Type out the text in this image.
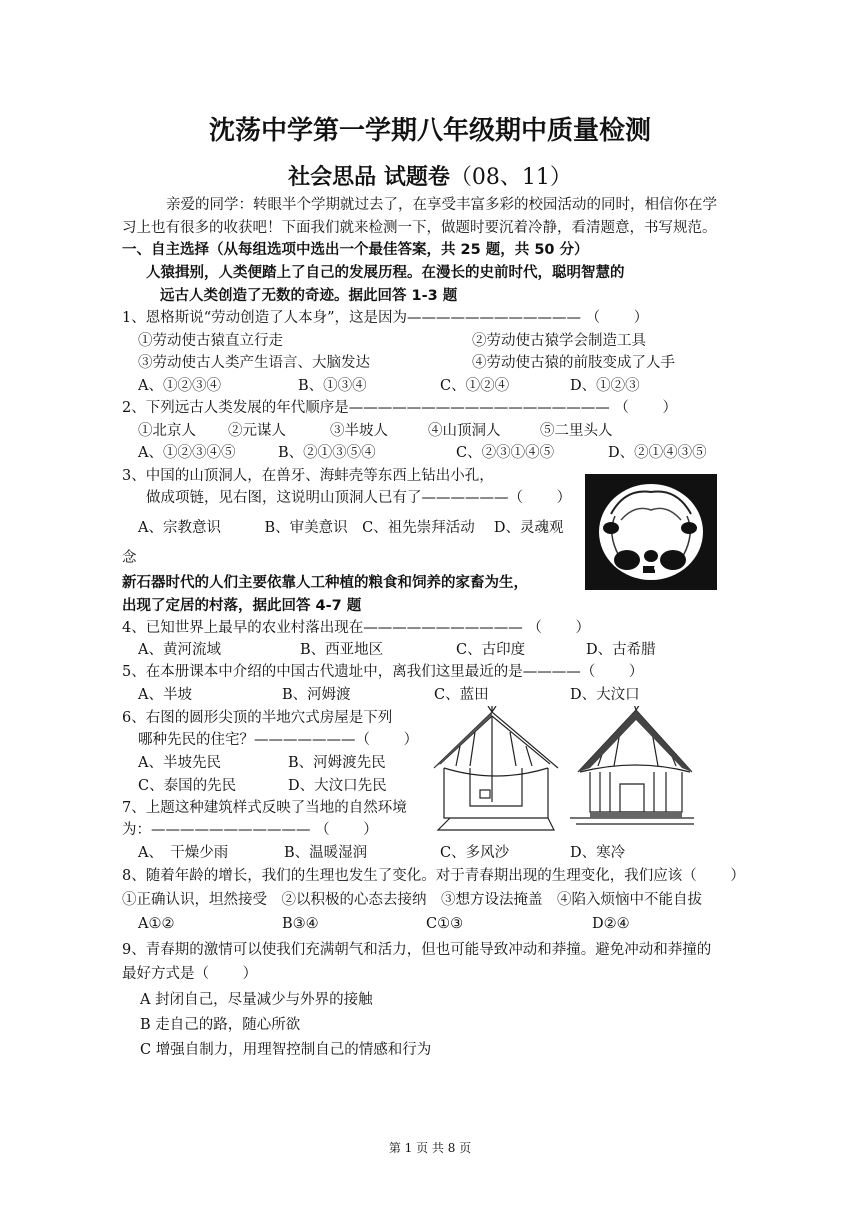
沈荡中学第一学期八年级期中质量检测
社会思品 试题卷（08、11）
亲爱的同学：转眼半个学期就过去了，在享受丰富多彩的校园活动的同时，相信你在学
习上也有很多的收获吧！下面我们就来检测一下，做题时要沉着冷静，看清题意，书写规范。
一、自主选择（从每组选项中选出一个最佳答案，共 25 题，共 50 分）
人猿揖别，人类便踏上了自己的发展历程。在漫长的史前时代，聪明智慧的
远古人类创造了无数的奇迹。据此回答 1-3 题
1、恩格斯说“劳动创造了人本身”，这是因为———————————— （　　 ）
①劳动使古猿直立行走	②劳动使古猿学会制造工具
③劳动使古人类产生语言、大脑发达	④劳动使古猿的前肢变成了人手
A、①②③④	B、①③④	C、①②④	D、①②③
2、下列远古人类发展的年代顺序是—————————————————— （　　 ）
①北京人 ②元谋人	③半坡人	④山顶洞人	⑤二里头人
A、①②③④⑤	B、②①③⑤④	C、②③①④⑤	D、②①④③⑤
3、中国的山顶洞人，在兽牙、海蚌壳等东西上钻出小孔，
做成项链，见右图，这说明山顶洞人已有了——————（　　 ）
A、宗教意识　　　B、审美意识　C、祖先崇拜活动　 D、灵魂观
念
新石器时代的人们主要依靠人工种植的粮食和饲养的家畜为生，
出现了定居的村落，据此回答 4-7 题
4、已知世界上最早的农业村落出现在——————————— （　　 ）
A、黄河流域	B、西亚地区	C、古印度	D、古希腊
5、在本册课本中介绍的中国古代遗址中，离我们这里最近的是————（　　 ）
A、半坡	B、河姆渡	C、蓝田	D、大汶口
6、右图的圆形尖顶的半地穴式房屋是下列
哪种先民的住宅？———————（　　 ）
A、半坡先民	B、河姆渡先民
C、泰国的先民	D、大汶口先民
7、上题这种建筑样式反映了当地的自然环境
为：——————————— （　　 ）
A、　干燥少雨	B、温暖湿润	C、多风沙	D、寒冷
8、随着年龄的增长，我们的生理也发生了变化。对于青春期出现的生理变化，我们应该（　　 ）
①正确认识，坦然接受　②以积极的心态去接纳　③想方设法掩盖　④陷入烦恼中不能自拔
A①②	B③④	C①③	D②④
9、青春期的激情可以使我们充满朝气和活力，但也可能导致冲动和莽撞。避免冲动和莽撞的
最好方式是（　　 ）
A 封闭自己，尽量减少与外界的接触
B 走自己的路，随心所欲
C 增强自制力，用理智控制自己的情感和行为
第 1 页 共 8 页
